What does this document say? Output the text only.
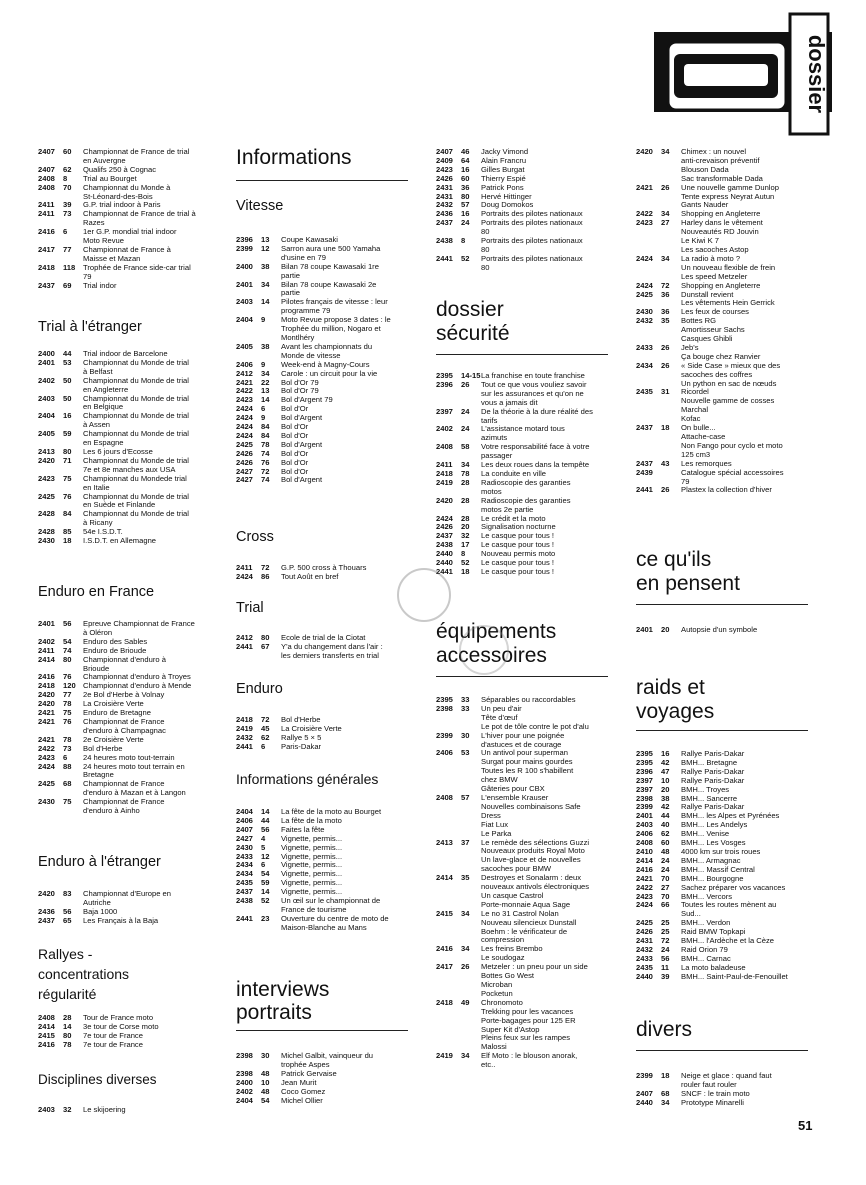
dossier
2407	60	Championnat de France de trial
en Auvergne
2407	62	Qualifs 250 à Cognac
2408	8	Trial au Bourget
2408	70	Championnat du Monde à
St-Léonard-des-Bois
2411	39	G.P. trial indoor à Paris
2411	73	Championnat de France de trial à
Razes
2416	6	1er G.P. mondial trial indoor
Moto Revue
2417	77	Championnat de France à
Maisse et Mazan
2418	118	Trophée de France side-car trial
79
2437	69	Trial indor
Trial à l'étranger
2400	44	Trial indoor de Barcelone
2401	53	Championnat du Monde de trial
à Belfast
2402	50	Championnat du Monde de trial
en Angleterre
2403	50	Championnat du Monde de trial
en Belgique
2404	16	Championnat du Monde de trial
à Assen
2405	59	Championnat du Monde de trial
en Espagne
2413	80	Les 6 jours d'Ecosse
2420	71	Championnat du Monde de trial
7e et 8e manches aux USA
2423	75	Championnat du Mondede trial
en Italie
2425	76	Championnat du Monde de trial
en Suède et Finlande
2428	84	Championnat du Monde de trial
à Ricany
2428	85	54e I.S.D.T.
2430	18	I.S.D.T. en Allemagne
Enduro en France
2401	56	Epreuve Championnat de France
à Oléron
2402	54	Enduro des Sables
2411	74	Enduro de Brioude
2414	80	Championnat d'enduro à
Brioude
2416	76	Championnat d'enduro à Troyes
2418	120 Championnat d'enduro à Mende
2420	77	2e Bol d'Herbe à Volnay
2420	78	La Croisière Verte
2421	75	Enduro de Bretagne
2421	76	Championnat de France
d'enduro à Champagnac
2421	78	2e Croisière Verte
2422	73	Bol d'Herbe
2423	6	24 heures moto tout-terrain
2424	88	24 heures moto tout terrain en
Bretagne
2425	68	Championnat de France
d'enduro à Mazan et à Langon
2430	75	Championnat de France
d'enduro à Ainho
Enduro à l'étranger
2420	83	Championnat d'Europe en
Autriche
2436	56	Baja 1000
2437	65	Les Français à la Baja
Rallyes -
concentrations
régularité
2408	28	Tour de France moto
2414	14	3e tour de Corse moto
2415	80	7e tour de France
2416	78	7e tour de France
Disciplines diverses
2403	32	Le skijoering
Informations
Vitesse
2396	13	Coupe Kawasaki
2399	12	Sarron aura une 500 Yamaha
d'usine en 79
2400	38	Bilan 78 coupe Kawasaki 1re
partie
2401	34	Bilan 78 coupe Kawasaki 2e
partie
2403	14	Pilotes français de vitesse : leur
programme 79
2404	9	Moto Revue propose 3 dates : le
Trophée du million, Nogaro et
Montlhéry
2405	38	Avant les championnats du
Monde de vitesse
2406	9	Week-end à Magny-Cours
2412	34	Carole : un circuit pour la vie
2421	22	Bol d'Or 79
2422	13	Bol d'Or 79
2423	14	Bol d'Argent 79
2424	6	Bol d'Or
2424	9	Bol d'Argent
2424	84	Bol d'Or
2424	84	Bol d'Or
2425	78	Bol d'Argent
2426	74	Bol d'Or
2426	76	Bol d'Or
2427	72	Bol d'Or
2427	74	Bol d'Argent
Cross
2411	72	G.P. 500 cross à Thouars
2424	86	Tout Août en bref
Trial
2412	80	Ecole de trial de la Ciotat
2441	67	Y'a du changement dans l'air :
les derniers transferts en trial
Enduro
2418	72	Bol d'Herbe
2419	45	La Croisière Verte
2432	62	Rallye 5 × 5
2441	6	Paris-Dakar
Informations générales
2404	14	La fête de la moto au Bourget
2406	44	La fête de la moto
2407	56	Faites la fête
2427	4	Vignette, permis...
2430	5	Vignette, permis...
2433	12	Vignette, permis...
2434	6	Vignette, permis...
2434	54	Vignette, permis...
2435	59	Vignette, permis...
2437	14	Vignette, permis...
2438	52	Un œil sur le championnat de
France de tourisme
2441	23	Ouverture du centre de moto de
Maison-Blanche au Mans
interviews
portraits
2398	30	Michel Galbit, vainqueur du
trophée Aspes
2398	48	Patrick Gervaise
2400	10	Jean Murit
2402	48	Coco Gomez
2404	54	Michel Ollier
2407	46	Jacky Vimond
2409	64	Alain Francru
2423	16	Gilles Burgat
2426	60	Thierry Espié
2431	36	Patrick Pons
2431	80	Hervé Hittinger
2432	57	Doug Domokos
2436	16	Portraits des pilotes nationaux
2437	24	Portraits des pilotes nationaux
80
2438	8	Portraits des pilotes nationaux
80
2441	52	Portraits des pilotes nationaux
80
dossier
sécurité
2395	14-15 La franchise en toute franchise
2396	26	Tout ce que vous vouliez savoir
sur les assurances et qu'on ne
vous a jamais dit
2397	24	De la théorie à la dure réalité des
tarifs
2402	24	L'assistance motard tous
azimuts
2408	58	Votre responsabilité face à votre
passager
2411	34	Les deux roues dans la tempête
2418	78	La conduite en ville
2419	28	Radioscopie des garanties
motos
2420	28	Radioscopie des garanties
motos 2e partie
2424	28	Le crédit et la moto
2426	20	Signalisation nocturne
2437	32	Le casque pour tous !
2438	17	Le casque pour tous !
2440	8	Nouveau permis moto
2440	52	Le casque pour tous !
2441	18	Le casque pour tous !
équipements
accessoires
2395	33	Séparables ou raccordables
2398	33	Un peu d'air
Tête d'œuf
Le pot de tôle contre le pot d'alu
2399	30	L'hiver pour une poignée
d'astuces et de courage
2406	53	Un antivol pour superman
Surgat pour mains gourdes
Toutes les R 100 s'habillent
chez BMW
Gâteries pour CBX
2408	57	L'ensemble Krauser
Nouvelles combinaisons Safe
Dress
Fiat Lux
Le Parka
2413	37	Le remède des sélections Guzzi
Nouveaux produits Royal Moto
Un lave-glace et de nouvelles
sacoches pour BMW
2414	35	Destroyes et Sonalarm : deux
nouveaux antivols électroniques
Un casque Castrol
Porte-monnaie Aqua Sage
2415	34	Le no 31 Castrol Nolan
Nouveau silencieux Dunstall
Boehm : le vérificateur de
compression
2416	34	Les freins Brembo
Le soudogaz
2417	26	Metzeler : un pneu pour un side
Bottes Go West
Microban
Pocketun
2418	49	Chronomoto
Trekking pour les vacances
Porte-bagages pour 125 ER
Super Kit d'Astop
Pleins feux sur les rampes
Malossi
2419	34	Elf Moto : le blouson anorak,
etc..
2420	34	Chimex : un nouvel
anti-crevaison préventif
Blouson Dada
Sac transformable Dada
2421	26	Une nouvelle gamme Dunlop
Tente express Neyrat Autun
Gants Nauder
2422	34	Shopping en Angleterre
2423	27	Harley dans le vêtement
Nouveautés RD Jouvin
Le Kiwi K 7
Les sacoches Astop
2424	34	La radio à moto ?
Un nouveau flexible de frein
Les speed Metzeler
2424	72	Shopping en Angleterre
2425	36	Dunstall revient
Les vêtements Hein Gerrick
2430	36	Les feux de courses
2432	35	Bottes RG
Amortisseur Sachs
Casques Ghibli
2433	26	Jeb's
Ça bouge chez Ranvier
2434	26	« Side Case » mieux que des
sacoches des coffres
Un python en sac de nœuds
2435	31	Ricordel
Nouvelle gamme de cosses
Marchal
Kofac
2437	18	On bulle...
Attache-case
Non Fango pour cyclo et moto
125 cm3
2437	43	Les remorques
2439	Catalogue spécial accessoires
79
2441	26	Plastex la collection d'hiver
ce qu'ils
en pensent
2401	20	Autopsie d'un symbole
raids et
voyages
2395	16	Rallye Paris-Dakar
2395	42	BMH... Bretagne
2396	47	Rallye Paris-Dakar
2397	10	Rallye Paris-Dakar
2397	20	BMH... Troyes
2398	38	BMH... Sancerre
2399	42	Rallye Paris-Dakar
2401	44	BMH... les Alpes et Pyrénées
2403	40	BMH... Les Andelys
2406	62	BMH... Venise
2408	60	BMH... Les Vosges
2410	48	4000 km sur trois roues
2414	24	BMH... Armagnac
2416	24	BMH... Massif Central
2421	70	BMH... Bourgogne
2422	27	Sachez préparer vos vacances
2423	70	BMH... Vercors
2424	66	Toutes les routes mènent au
Sud...
2425	25	BMH... Verdon
2426	25	Raid BMW Topkapi
2431	72	BMH... l'Ardèche et la Cèze
2432	24	Raid Orion 79
2433	56	BMH... Carnac
2435	11	La moto baladeuse
2440	39	BMH... Saint-Paul-de-Fenouillet
divers
2399	18	Neige et glace : quand faut
rouler faut rouler
2407	68	SNCF : le train moto
2440	34	Prototype Minarelli
51
